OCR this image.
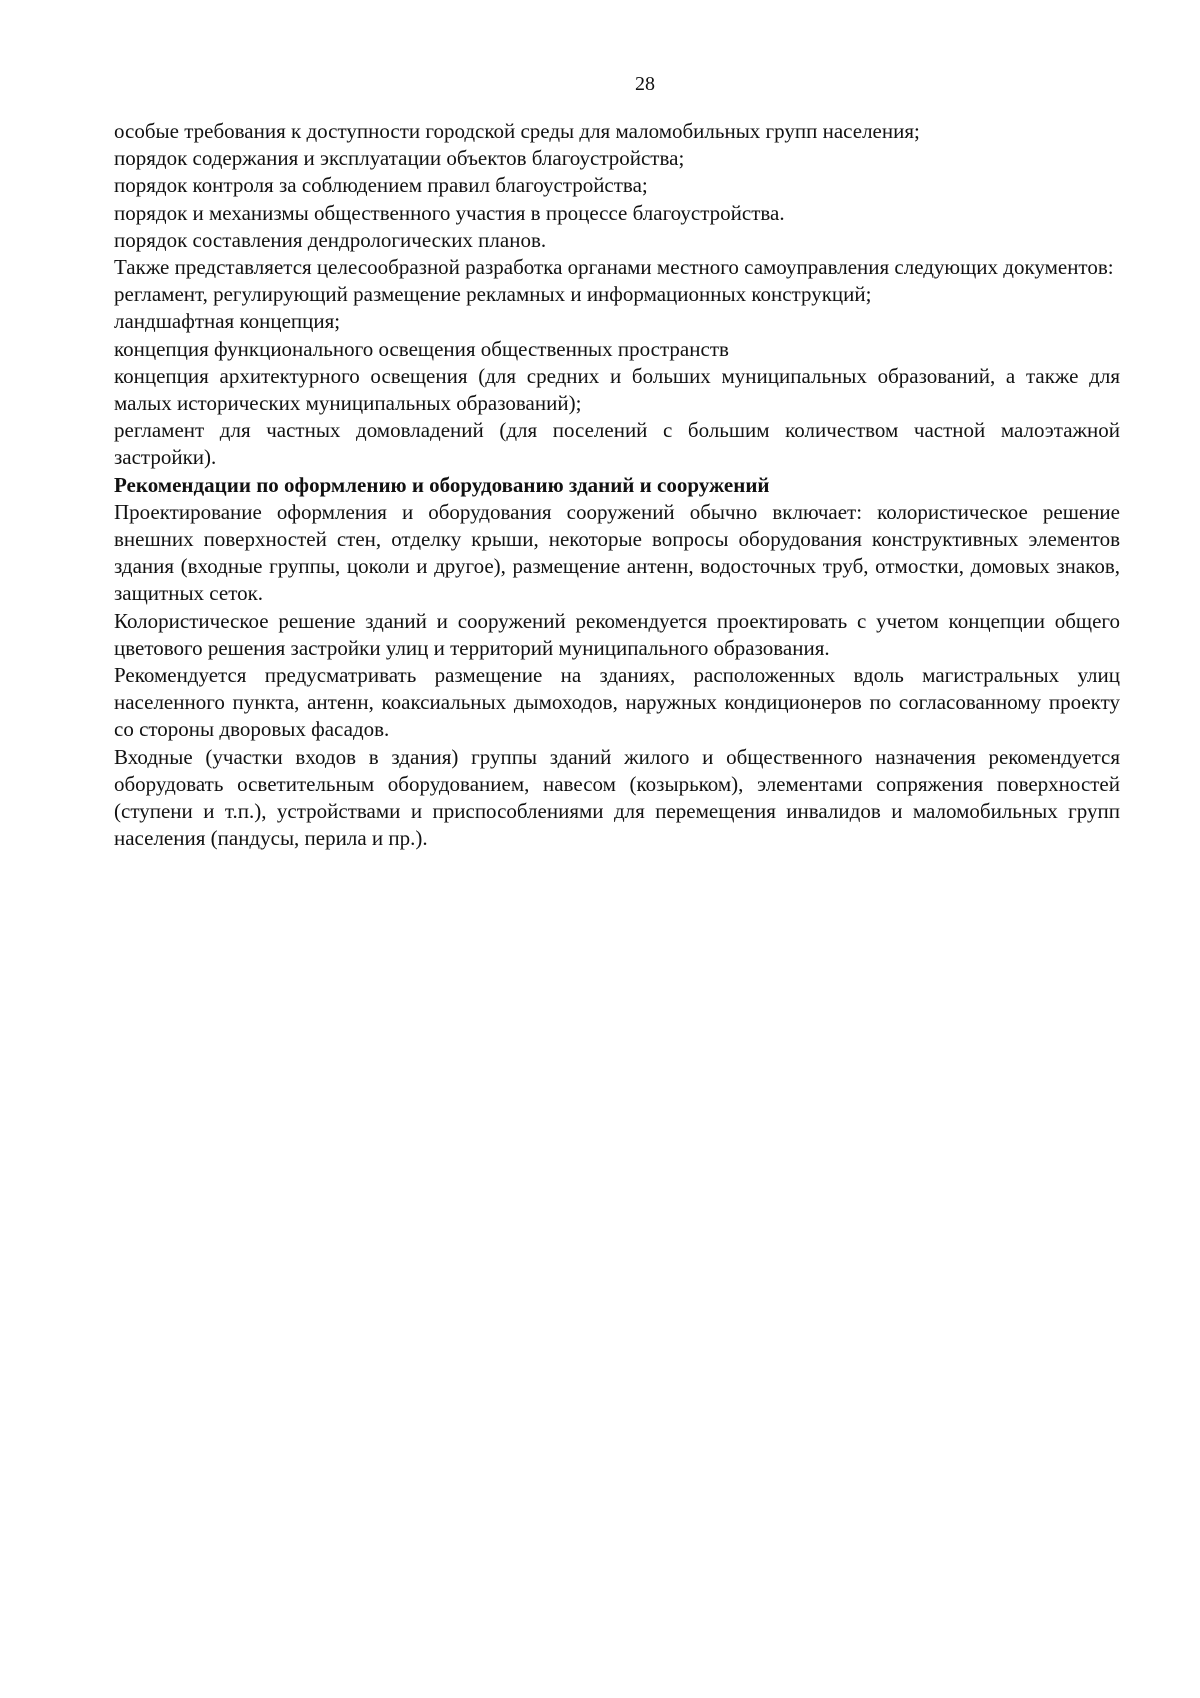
28

особые требования к доступности городской среды для маломобильных групп населения;

порядок содержания и эксплуатации объектов благоустройства;

порядок контроля за соблюдением правил благоустройства;

порядок и механизмы общественного участия в процессе благоустройства.

порядок составления дендрологических планов.

Также представляется целесообразной разработка органами местного самоуправления следующих документов:

регламент, регулирующий размещение рекламных и информационных конструкций;

ландшафтная концепция;

концепция функционального освещения общественных пространств

концепция архитектурного освещения (для средних и больших муниципальных образований, а также для малых исторических муниципальных образований);

регламент для частных домовладений (для поселений с большим количеством частной малоэтажной застройки).

Рекомендации по оформлению и оборудованию зданий и сооружений

Проектирование оформления и оборудования сооружений обычно включает: колористическое решение внешних поверхностей стен, отделку крыши, некоторые вопросы оборудования конструктивных элементов здания (входные группы, цоколи и другое), размещение антенн, водосточных труб, отмостки, домовых знаков, защитных сеток.

Колористическое решение зданий и сооружений рекомендуется проектировать с учетом концепции общего цветового решения застройки улиц и территорий муниципального образования.

Рекомендуется предусматривать размещение на зданиях, расположенных вдоль магистральных улиц населенного пункта, антенн, коаксиальных дымоходов, наружных кондиционеров по согласованному проекту со стороны дворовых фасадов.

Входные (участки входов в здания) группы зданий жилого и общественного назначения рекомендуется оборудовать осветительным оборудованием, навесом (козырьком), элементами сопряжения поверхностей (ступени и т.п.), устройствами и приспособлениями для перемещения инвалидов и маломобильных групп населения (пандусы, перила и пр.).
